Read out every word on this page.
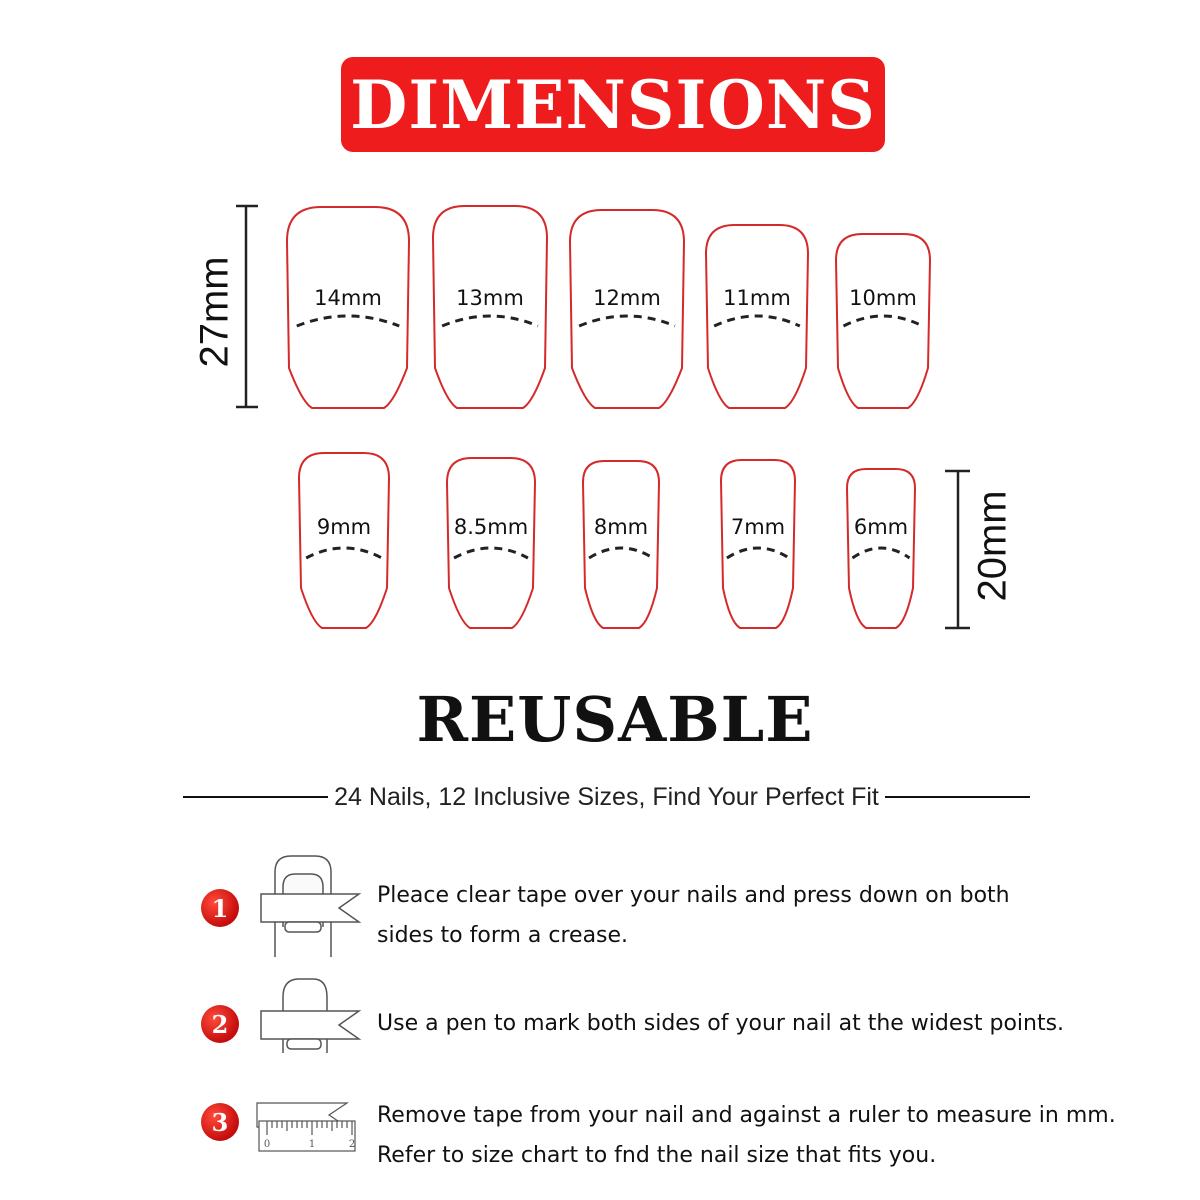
DIMENSIONS
14mm	13mm	12mm	11mm	10mm
9mm	8.5mm	8mm	7mm	6mm
27mm
20mm
REUSABLE
24 Nails, 12 Inclusive Sizes, Find Your Perfect Fit
1	Pleace clear tape over your nails and press down on both
sides to form a crease.
2	Use a pen to mark both sides of your nail at the widest points.
3
0	1	2
Remove tape from your nail and against a ruler to measure in mm.
Refer to size chart to fnd the nail size that fits you.
